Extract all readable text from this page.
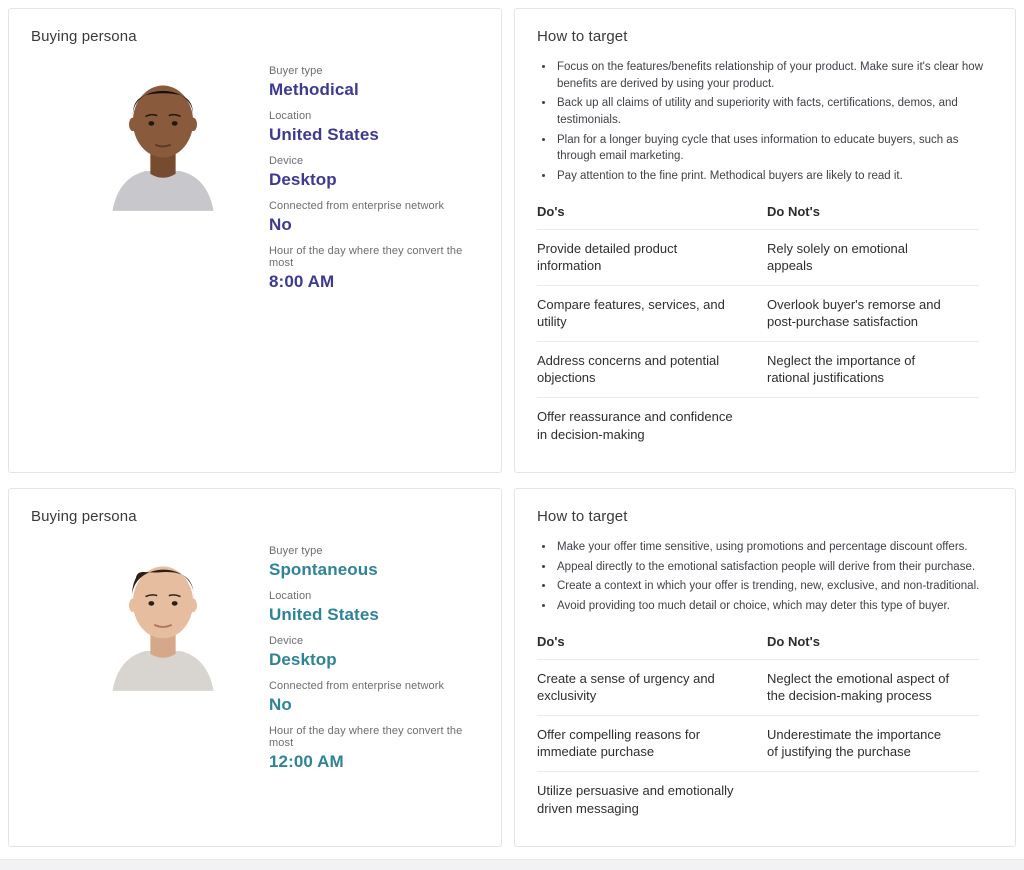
Buying persona
Buyer type
Methodical
Location
United States
Device
Desktop
Connected from enterprise network
No
Hour of the day where they convert the most
8:00 AM
How to target
• Focus on the features/benefits relationship of your product. Make sure it's clear how benefits are derived by using your product.
• Back up all claims of utility and superiority with facts, certifications, demos, and testimonials.
• Plan for a longer buying cycle that uses information to educate buyers, such as through email marketing.
• Pay attention to the fine print. Methodical buyers are likely to read it.
Do's	Do Not's
Provide detailed product information	Rely solely on emotional appeals
Compare features, services, and utility	Overlook buyer's remorse and post-purchase satisfaction
Address concerns and potential objections	Neglect the importance of rational justifications
Offer reassurance and confidence in decision-making	
Buying persona
Buyer type
Spontaneous
Location
United States
Device
Desktop
Connected from enterprise network
No
Hour of the day where they convert the most
12:00 AM
How to target
• Make your offer time sensitive, using promotions and percentage discount offers.
• Appeal directly to the emotional satisfaction people will derive from their purchase.
• Create a context in which your offer is trending, new, exclusive, and non-traditional.
• Avoid providing too much detail or choice, which may deter this type of buyer.
Do's	Do Not's
Create a sense of urgency and exclusivity	Neglect the emotional aspect of the decision-making process
Offer compelling reasons for immediate purchase	Underestimate the importance of justifying the purchase
Utilize persuasive and emotionally driven messaging	
